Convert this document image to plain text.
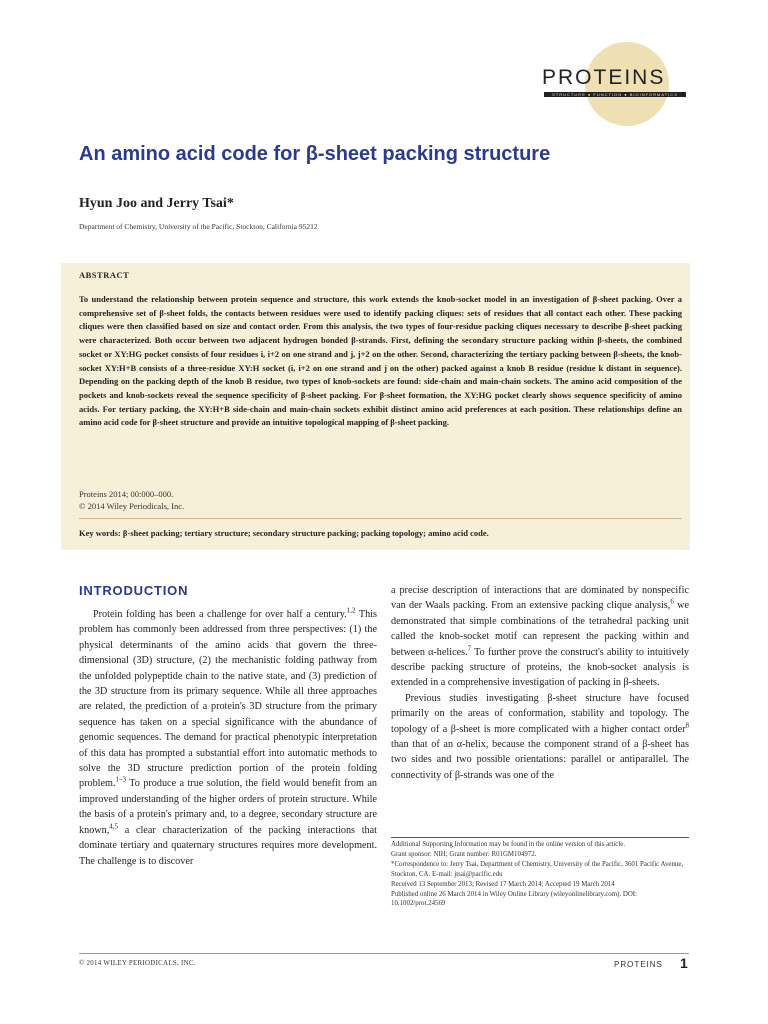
PROTEINS
STRUCTURE ● FUNCTION ● BIOINFORMATICS
An amino acid code for β-sheet packing structure
Hyun Joo and Jerry Tsai*
Department of Chemistry, University of the Pacific, Stockton, California 95212
ABSTRACT
To understand the relationship between protein sequence and structure, this work extends the knob-socket model in an investigation of β-sheet packing. Over a comprehensive set of β-sheet folds, the contacts between residues were used to identify packing cliques: sets of residues that all contact each other. These packing cliques were then classified based on size and contact order. From this analysis, the two types of four-residue packing cliques necessary to describe β-sheet packing were characterized. Both occur between two adjacent hydrogen bonded β-strands. First, defining the secondary structure packing within β-sheets, the combined socket or XY:HG pocket consists of four residues i, i+2 on one strand and j, j+2 on the other. Second, characterizing the tertiary packing between β-sheets, the knob-socket XY:H+B consists of a three-residue XY:H socket (i, i+2 on one strand and j on the other) packed against a knob B residue (residue k distant in sequence). Depending on the packing depth of the knob B residue, two types of knob-sockets are found: side-chain and main-chain sockets. The amino acid composition of the pockets and knob-sockets reveal the sequence specificity of β-sheet packing. For β-sheet formation, the XY:HG pocket clearly shows sequence specificity of amino acids. For tertiary packing, the XY:H+B side-chain and main-chain sockets exhibit distinct amino acid preferences at each position. These relationships define an amino acid code for β-sheet structure and provide an intuitive topological mapping of β-sheet packing.
Proteins 2014; 00:000–000.
© 2014 Wiley Periodicals, Inc.
Key words: β-sheet packing; tertiary structure; secondary structure packing; packing topology; amino acid code.
INTRODUCTION

Protein folding has been a challenge for over half a century.$^{1,2}$ This problem has commonly been addressed from three perspectives: (1) the physical determinants of the amino acids that govern the three-dimensional (3D) structure, (2) the mechanistic folding pathway from the unfolded polypeptide chain to the native state, and (3) prediction of the 3D structure from its primary sequence. While all three approaches are related, the prediction of a protein's 3D structure from the primary sequence has taken on a special significance with the abundance of genomic sequences. The demand for practical phenotypic interpretation of this data has prompted a substantial effort into automatic methods to solve the 3D structure prediction portion of the protein folding problem.$^{1-3}$ To produce a true solution, the field would benefit from an improved understanding of the higher orders of protein structure. While the basis of a protein's primary and, to a degree, secondary structure are known,$^{4,5}$ a clear characterization of the packing interactions that dominate tertiary and quaternary structures requires more development. The challenge is to discover

a precise description of interactions that are dominated by nonspecific van der Waals packing. From an extensive packing clique analysis,$^6$ we demonstrated that simple combinations of the tetrahedral packing unit called the knob-socket motif can represent the packing within and between α-helices.$^7$ To further prove the construct's ability to intuitively describe packing structure of proteins, the knob-socket analysis is extended in a comprehensive investigation of packing in β-sheets.

Previous studies investigating β-sheet structure have focused primarily on the areas of conformation, stability and topology. The topology of a β-sheet is more complicated with a higher contact order$^8$ than that of an α-helix, because the component strand of a β-sheet has two sides and two possible orientations: parallel or antiparallel. The connectivity of β-strands was one of the

Additional Supporting Information may be found in the online version of this article.
Grant sponsor: NIH; Grant number: R01GM104972.
*Correspondence to: Jerry Tsai, Department of Chemistry, University of the Pacific, 3601 Pacific Avenue, Stockton, CA. E-mail: jtsai@pacific.edu
Received 13 September 2013; Revised 17 March 2014; Accepted 19 March 2014
Published online 26 March 2014 in Wiley Online Library (wileyonlinelibrary.com). DOI: 10.1002/prot.24569
© 2014 WILEY PERIODICALS, INC.	PROTEINS 1
